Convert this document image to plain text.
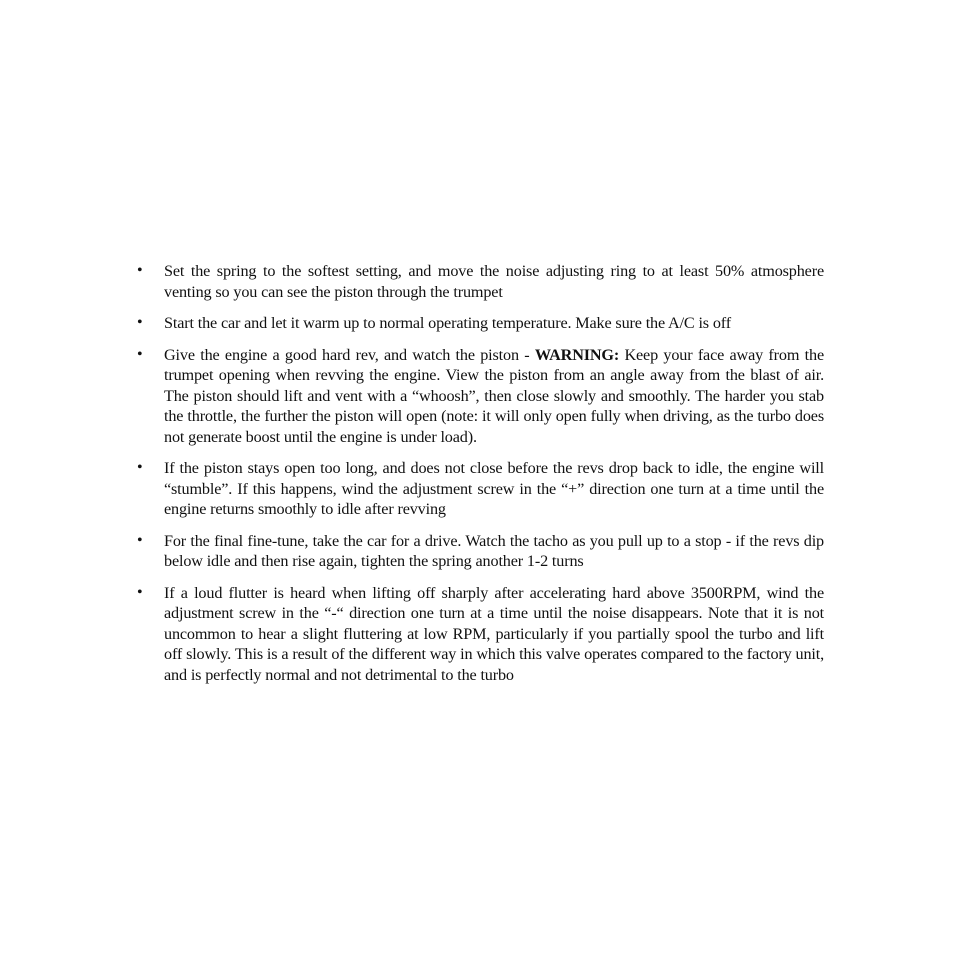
• Set the spring to the softest setting, and move the noise adjusting ring to at least 50% atmosphere venting so you can see the piston through the trumpet
• Start the car and let it warm up to normal operating temperature. Make sure the A/C is off
• Give the engine a good hard rev, and watch the piston - WARNING: Keep your face away from the trumpet opening when revving the engine. View the piston from an angle away from the blast of air. The piston should lift and vent with a “whoosh”, then close slowly and smoothly. The harder you stab the throttle, the further the piston will open (note: it will only open fully when driving, as the turbo does not generate boost until the engine is under load).
• If the piston stays open too long, and does not close before the revs drop back to idle, the engine will “stumble”. If this happens, wind the adjustment screw in the “+” direction one turn at a time until the engine returns smoothly to idle after revving
• For the final fine-tune, take the car for a drive. Watch the tacho as you pull up to a stop - if the revs dip below idle and then rise again, tighten the spring another 1-2 turns
• If a loud flutter is heard when lifting off sharply after accelerating hard above 3500RPM, wind the adjustment screw in the “-“ direction one turn at a time until the noise disappears. Note that it is not uncommon to hear a slight fluttering at low RPM, particularly if you partially spool the turbo and lift off slowly. This is a result of the different way in which this valve operates compared to the factory unit, and is perfectly normal and not detrimental to the turbo
